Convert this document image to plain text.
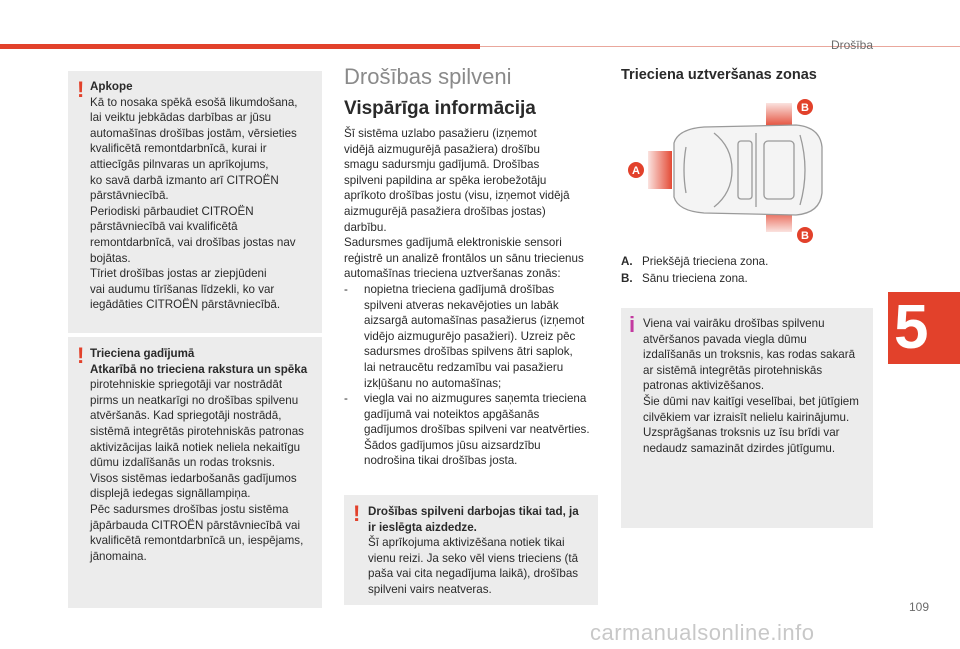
Drošība
5
109
carmanualsonline.info
! Apkope

Kā to nosaka spēkā esošā likumdošana,

lai veiktu jebkādas darbības ar jūsu

automašīnas drošības jostām, vērsieties

kvalificētā remontdarbnīcā, kurai ir

attiecīgās pilnvaras un aprīkojums,

ko savā darbā izmanto arī CITROËN

pārstāvniecībā.

Periodiski pārbaudiet CITROËN

pārstāvniecībā vai kvalificētā

remontdarbnīcā, vai drošības jostas nav

bojātas.

Tīriet drošības jostas ar ziepjūdeni

vai audumu tīrīšanas līdzekli, ko var

iegādāties CITROËN pārstāvniecībā.

! Trieciena gadījumā
Atkarībā no trieciena rakstura un spēka

pirotehniskie spriegotāji var nostrādāt

pirms un neatkarīgi no drošības spilvenu

atvēršanās. Kad spriegotāji nostrādā,

sistēmā integrētās pirotehniskās patronas

aktivizācijas laikā notiek neliela nekaitīgu

dūmu izdalīšanās un rodas troksnis.

Visos sistēmas iedarbošanās gadījumos

displejā iedegas signāllampiņa.

Pēc sadursmes drošības jostu sistēma

jāpārbauda CITROËN pārstāvniecībā vai

kvalificētā remontdarbnīcā un, iespējams,

jānomaina.

Drošības spilveni
Vispārīga informācija

Šī sistēma uzlabo pasažieru (izņemot

vidējā aizmugurējā pasažiera) drošību

smagu sadursmju gadījumā. Drošības

spilveni papildina ar spēka ierobežotāju

aprīkoto drošības jostu (visu, izņemot vidējā

aizmugurējā pasažiera drošības jostas)

darbību.

Sadursmes gadījumā elektroniskie sensori

reģistrē un analizē frontālos un sānu triecienus

automašīnas trieciena uztveršanas zonās:

-	nopietna trieciena gadījumā drošības

spilveni atveras nekavējoties un labāk

aizsargā automašīnas pasažierus (izņemot

vidējo aizmugurējo pasažieri). Uzreiz pēc

sadursmes drošības spilvens ātri saplok,

lai netraucētu redzamību vai pasažieru

izkļūšanu no automašīnas;

-	viegla vai no aizmugures saņemta trieciena

gadījumā vai noteiktos apgāšanās

gadījumos drošības spilveni var neatvērties.

Šādos gadījumos jūsu aizsardzību

nodrošina tikai drošības josta.

! Drošības spilveni darbojas tikai tad, ja

ir ieslēgta aizdedze.

Šī aprīkojuma aktivizēšana notiek tikai

vienu reizi. Ja seko vēl viens trieciens (tā

paša vai cita negadījuma laikā), drošības

spilveni vairs neatveras.

Trieciena uztveršanas zonas
B
B
A
A. Priekšējā trieciena zona.
B. Sānu trieciena zona.
i Viena vai vairāku drošības spilvenu

atvēršanos pavada viegla dūmu

izdalīšanās un troksnis, kas rodas sakarā

ar sistēmā integrētās pirotehniskās

patronas aktivizēšanos.

Šie dūmi nav kaitīgi veselībai, bet jūtīgiem

cilvēkiem var izraisīt nelielu kairinājumu.

Uzsprāgšanas troksnis uz īsu brīdi var

nedaudz samazināt dzirdes jūtīgumu.
